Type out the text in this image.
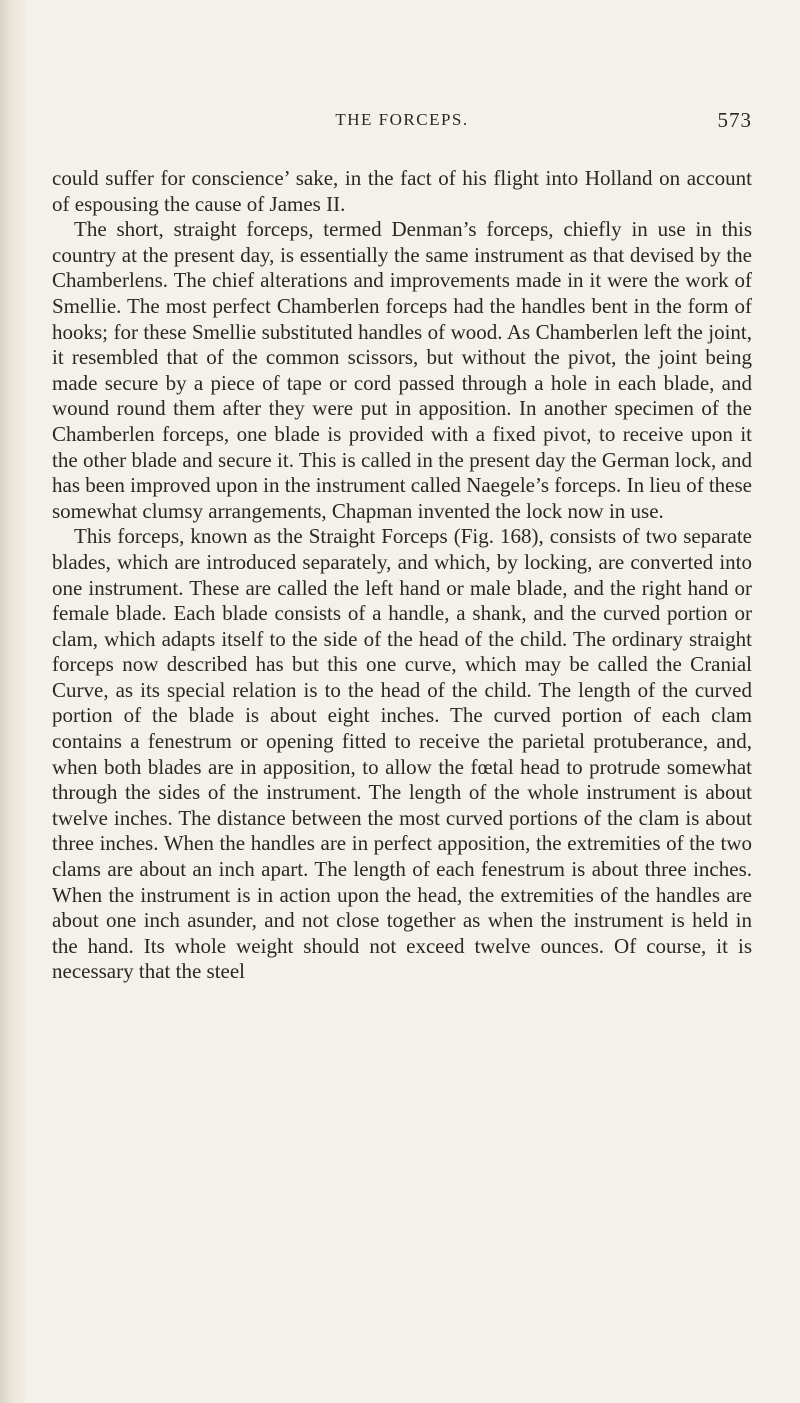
THE FORCEPS.	573

could suffer for conscience’ sake, in the fact of his flight into Holland on account of espousing the cause of James II.

The short, straight forceps, termed Denman’s forceps, chiefly in use in this country at the present day, is essentially the same instrument as that devised by the Chamberlens. The chief alterations and improvements made in it were the work of Smellie. The most perfect Chamberlen forceps had the handles bent in the form of hooks; for these Smellie substituted handles of wood. As Chamberlen left the joint, it resembled that of the common scissors, but without the pivot, the joint being made secure by a piece of tape or cord passed through a hole in each blade, and wound round them after they were put in apposition. In another specimen of the Chamberlen forceps, one blade is provided with a fixed pivot, to receive upon it the other blade and secure it. This is called in the present day the German lock, and has been improved upon in the instrument called Naegele’s forceps. In lieu of these somewhat clumsy arrangements, Chapman invented the lock now in use.

This forceps, known as the Straight Forceps (Fig. 168), consists of two separate blades, which are introduced separately, and which, by locking, are converted into one instrument. These are called the left hand or male blade, and the right hand or female blade. Each blade consists of a handle, a shank, and the curved portion or clam, which adapts itself to the side of the head of the child. The ordinary straight forceps now described has but this one curve, which may be called the Cranial Curve, as its special relation is to the head of the child. The length of the curved portion of the blade is about eight inches. The curved portion of each clam contains a fenestrum or opening fitted to receive the parietal protuberance, and, when both blades are in apposition, to allow the fœtal head to protrude somewhat through the sides of the instrument. The length of the whole instrument is about twelve inches. The distance between the most curved portions of the clam is about three inches. When the handles are in perfect apposition, the extremities of the two clams are about an inch apart. The length of each fenestrum is about three inches. When the instrument is in action upon the head, the extremities of the handles are about one inch asunder, and not close together as when the instrument is held in the hand. Its whole weight should not exceed twelve ounces. Of course, it is necessary that the steel
